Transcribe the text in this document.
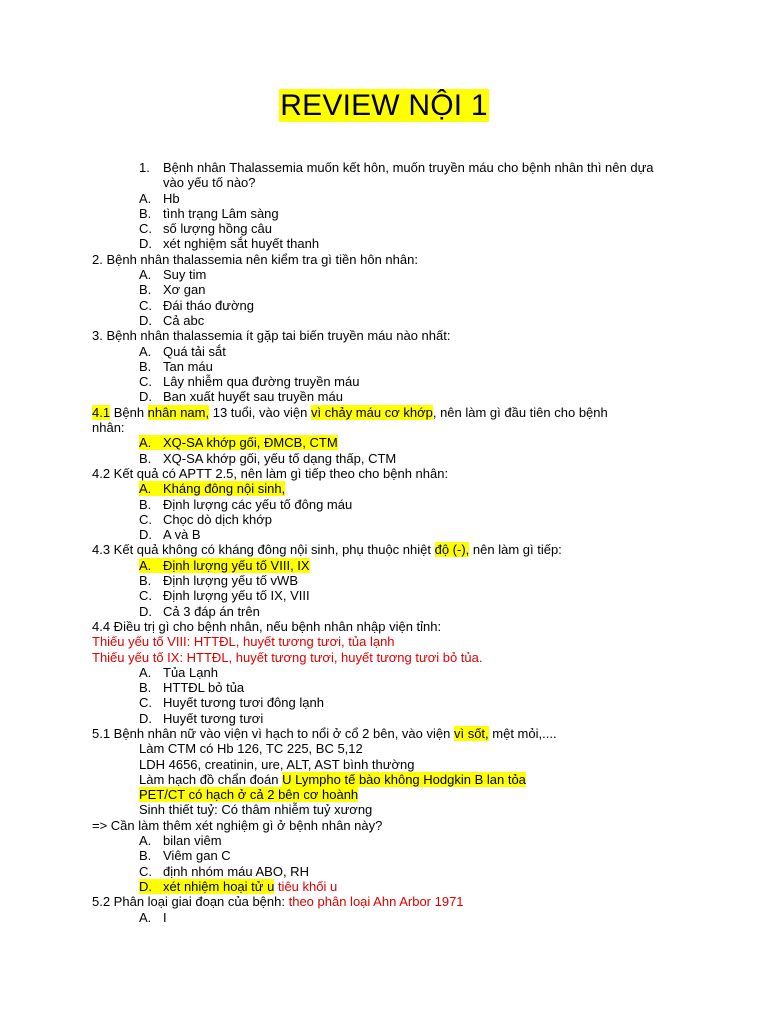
REVIEW NỘI 1
1. Bệnh nhân Thalassemia muốn kết hôn, muốn truyền máu cho bệnh nhân thì nên dựa
vào yếu tố nào?
A. Hb
B. tình trạng Lâm sàng
C. số lượng hồng câu
D. xét nghiệm sắt huyết thanh
2. Bệnh nhân thalassemia nên kiểm tra gì tiền hôn nhân:
A. Suy tim
B. Xơ gan
C. Đái tháo đường
D. Cả abc
3. Bệnh nhân thalassemia ít gặp tai biến truyền máu nào nhất:
A. Quá tải sắt
B. Tan máu
C. Lây nhiễm qua đường truyền máu
D. Ban xuất huyết sau truyền máu
4.1 Bệnh nhân nam, 13 tuổi, vào viện vì chảy máu cơ khớp, nên làm gì đầu tiên cho bệnh
nhân:
A. XQ-SA khớp gối, ĐMCB, CTM
B. XQ-SA khớp gối, yếu tố dạng thấp, CTM
4.2 Kết quả có APTT 2.5, nên làm gì tiếp theo cho bệnh nhân:
A. Kháng đông nội sinh,
B. Định lượng các yếu tố đông máu
C. Chọc dò dịch khớp
D. A và B
4.3 Kết quả không có kháng đông nội sinh, phụ thuộc nhiệt độ (-), nên làm gì tiếp:
A. Định lượng yếu tố VIII, IX
B. Định lượng yếu tố vWB
C. Định lượng yếu tố IX, VIII
D. Cả 3 đáp án trên
4.4 Điều trị gì cho bệnh nhân, nếu bệnh nhân nhập viện tỉnh:
Thiếu yếu tố VIII: HTTĐL, huyết tương tươi, tủa lạnh
Thiếu yếu tố IX: HTTĐL, huyết tương tươi, huyết tương tươi bỏ tủa.
A. Tủa Lạnh
B. HTTĐL bỏ tủa
C. Huyết tương tươi đông lạnh
D. Huyết tương tươi
5.1 Bệnh nhân nữ vào viện vì hạch to nổi ở cổ 2 bên, vào viện vì sốt, mệt mỏi,....
Làm CTM có Hb 126, TC 225, BC 5,12
LDH 4656, creatinin, ure, ALT, AST bình thường
Làm hạch đồ chẩn đoán U Lympho tế bào không Hodgkin B lan tỏa
PET/CT có hạch ở cả 2 bên cơ hoành
Sinh thiết tuỷ: Có thâm nhiễm tuỷ xương
=> Cần làm thêm xét nghiệm gì ở bệnh nhân này?
A. bilan viêm
B. Viêm gan C
C. định nhóm máu ABO, RH
D. xét nhiệm hoại tử u tiêu khối u
5.2 Phân loại giai đoạn của bệnh: theo phân loại Ahn Arbor 1971
A. I
